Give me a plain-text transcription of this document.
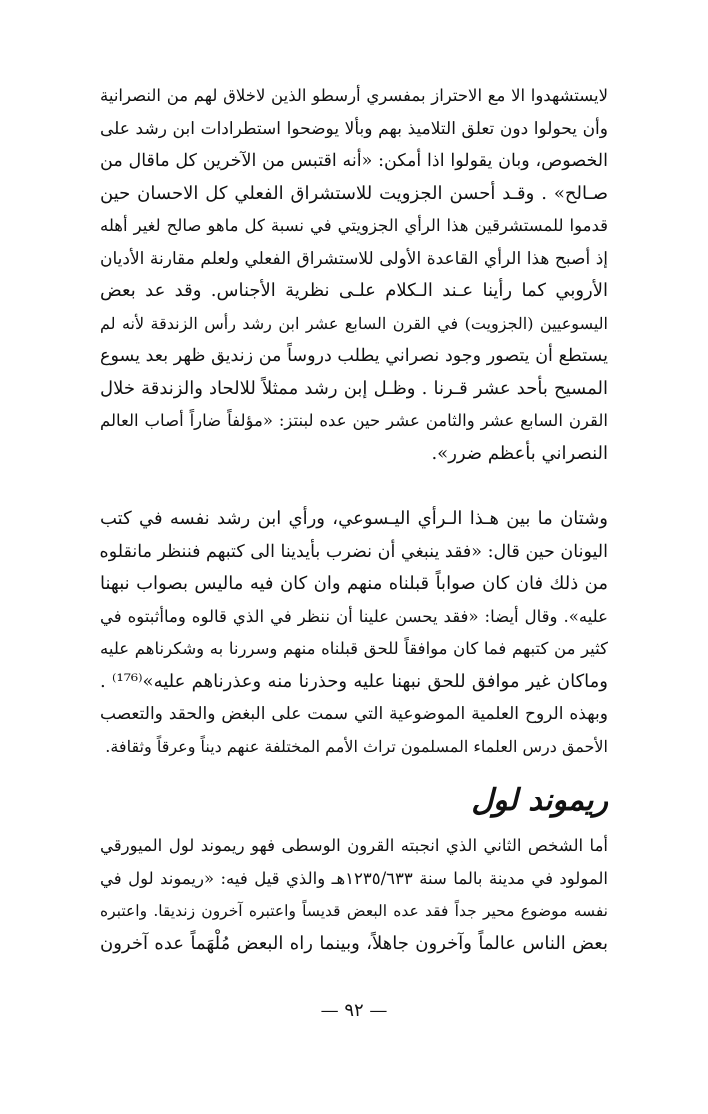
لايستشهدوا الا مع الاحتراز بمفسري أرسطو الذين لاخلاق لهم من النصرانية
وأن يحولوا دون تعلق التلاميذ بهم وبألا يوضحوا استطرادات ابن رشد على
الخصوص، وبان يقولوا اذا أمكن: «أنه اقتبس من الآخرين كل ماقال من
صـالح» . وقـد أحسن الجزويت للاستشراق الفعلي كل الاحسان حين
قدموا للمستشرقين هذا الرأي الجزويتي في نسبة كل ماهو صالح لغير أهله
إذ أصبح هذا الرأي القاعدة الأولى للاستشراق الفعلي ولعلم مقارنة الأديان
الأروبي كما رأينا عـند الـكلام علـى نظرية الأجناس. وقد عد بعض
اليسوعيين (الجزويت) في القرن السابع عشر ابن رشد رأس الزندقة لأنه لم
يستطع أن يتصور وجود نصراني يطلب دروساً من زنديق ظهر بعد يسوع
المسيح بأحد عشر قـرنا . وظـل إبن رشد ممثلاً للالحاد والزندقة خلال
القرن السابع عشر والثامن عشر حين عده لبنتز: «مؤلفاً ضاراً أصاب العالم
النصراني بأعظم ضرر».
وشتان ما بين هـذا الـرأي اليـسوعي، ورأي ابن رشد نفسه في كتب
اليونان حين قال: «فقد ينبغي أن نضرب بأيدينا الى كتبهم فننظر مانقلوه
من ذلك فان كان صواباً قبلناه منهم وان كان فيه ماليس بصواب نبهنا
عليه». وقال أيضا: «فقد يحسن علينا أن ننظر في الذي قالوه وماأثبتوه في
كثير من كتبهم فما كان موافقاً للحق قبلناه منهم وسررنا به وشكرناهم عليه
وماكان غير موافق للحق نبهنا عليه وحذرنا منه وعذرناهم عليه»⁽¹⁷⁶⁾ .
وبهذه الروح العلمية الموضوعية التي سمت على البغض والحقد والتعصب
الأحمق درس العلماء المسلمون تراث الأمم المختلفة عنهم ديناً وعرقاً وثقافة.
ريموند لول
أما الشخص الثاني الذي انجبته القرون الوسطى فهو ريموند لول الميورقي
المولود في مدينة بالما سنة ١٢٣٥/٦٣٣هـ والذي قيل فيه: «ريموند لول في
نفسه موضوع محير جداً فقد عده البعض قديساً واعتبره آخرون زنديقا. واعتبره
بعض الناس عالماً وآخرون جاهلاً، وبينما راه البعض مُلْهَماً عده آخرون
— ٩٢ —
